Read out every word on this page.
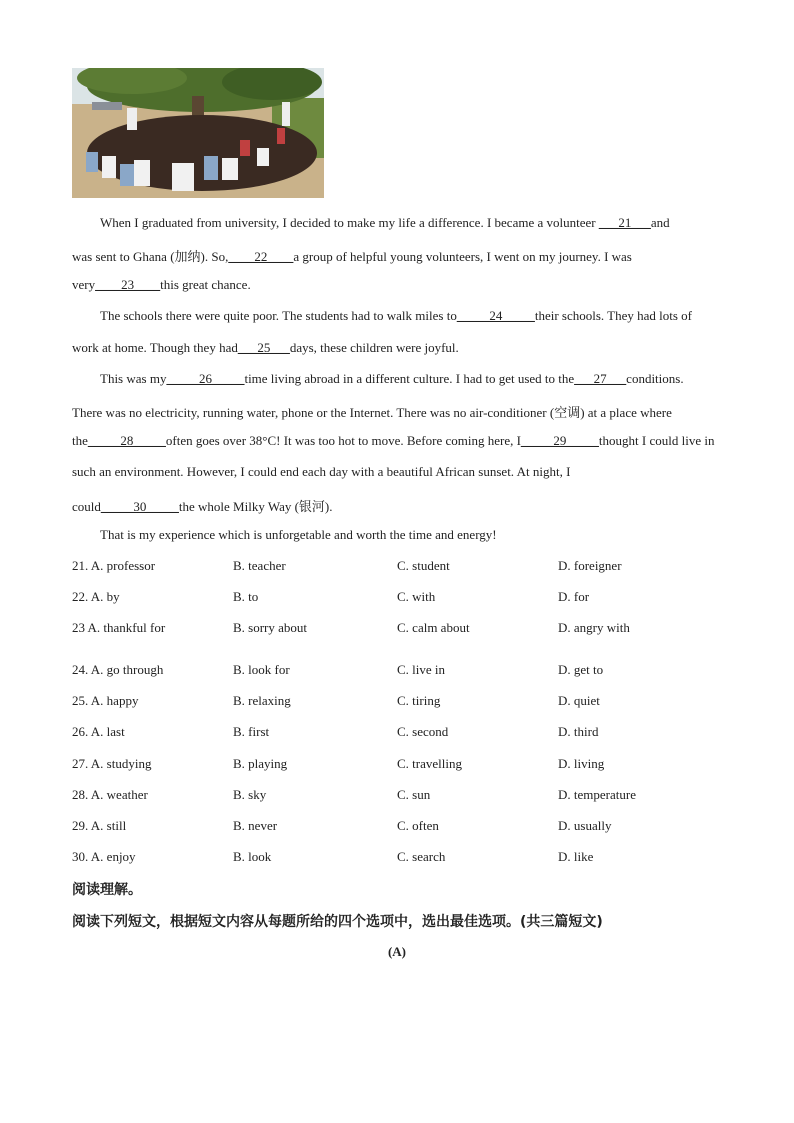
When I graduated from university, I decided to make my life a difference. I became a volunteer ___21___and
was sent to Ghana (加纳). So,____22____a group of helpful young volunteers, I went on my journey. I was
very____23____this great chance.
The schools there were quite poor. The students had to walk miles to_____24_____their schools. They had lots of
work at home. Though they had___25___days, these children were joyful.
This was my_____26_____time living abroad in a different culture. I had to get used to the___27___conditions.
There was no electricity, running water, phone or the Internet. There was no air-conditioner (空调) at a place where
the_____28_____often goes over 38°C! It was too hot to move. Before coming here, I_____29_____thought I could live in
such an environment. However, I could end each day with a beautiful African sunset. At night, I
could_____30_____the whole Milky Way (银河).
That is my experience which is unforgetable and worth the time and energy!
21. A. professor	B. teacher	C. student	D. foreigner
22. A. by	B. to	C. with	D. for
23 A. thankful for	B. sorry about	C. calm about	D. angry with
24. A. go through	B. look for	C. live in	D. get to
25. A. happy	B. relaxing	C. tiring	D. quiet
26. A. last	B. first	C. second	D. third
27. A. studying	B. playing	C. travelling	D. living
28. A. weather	B. sky	C. sun	D. temperature
29. A. still	B. never	C. often	D. usually
30. A. enjoy	B. look	C. search	D. like
阅读理解。
阅读下列短文，根据短文内容从每题所给的四个选项中，选出最佳选项。(共三篇短文)
(A)
